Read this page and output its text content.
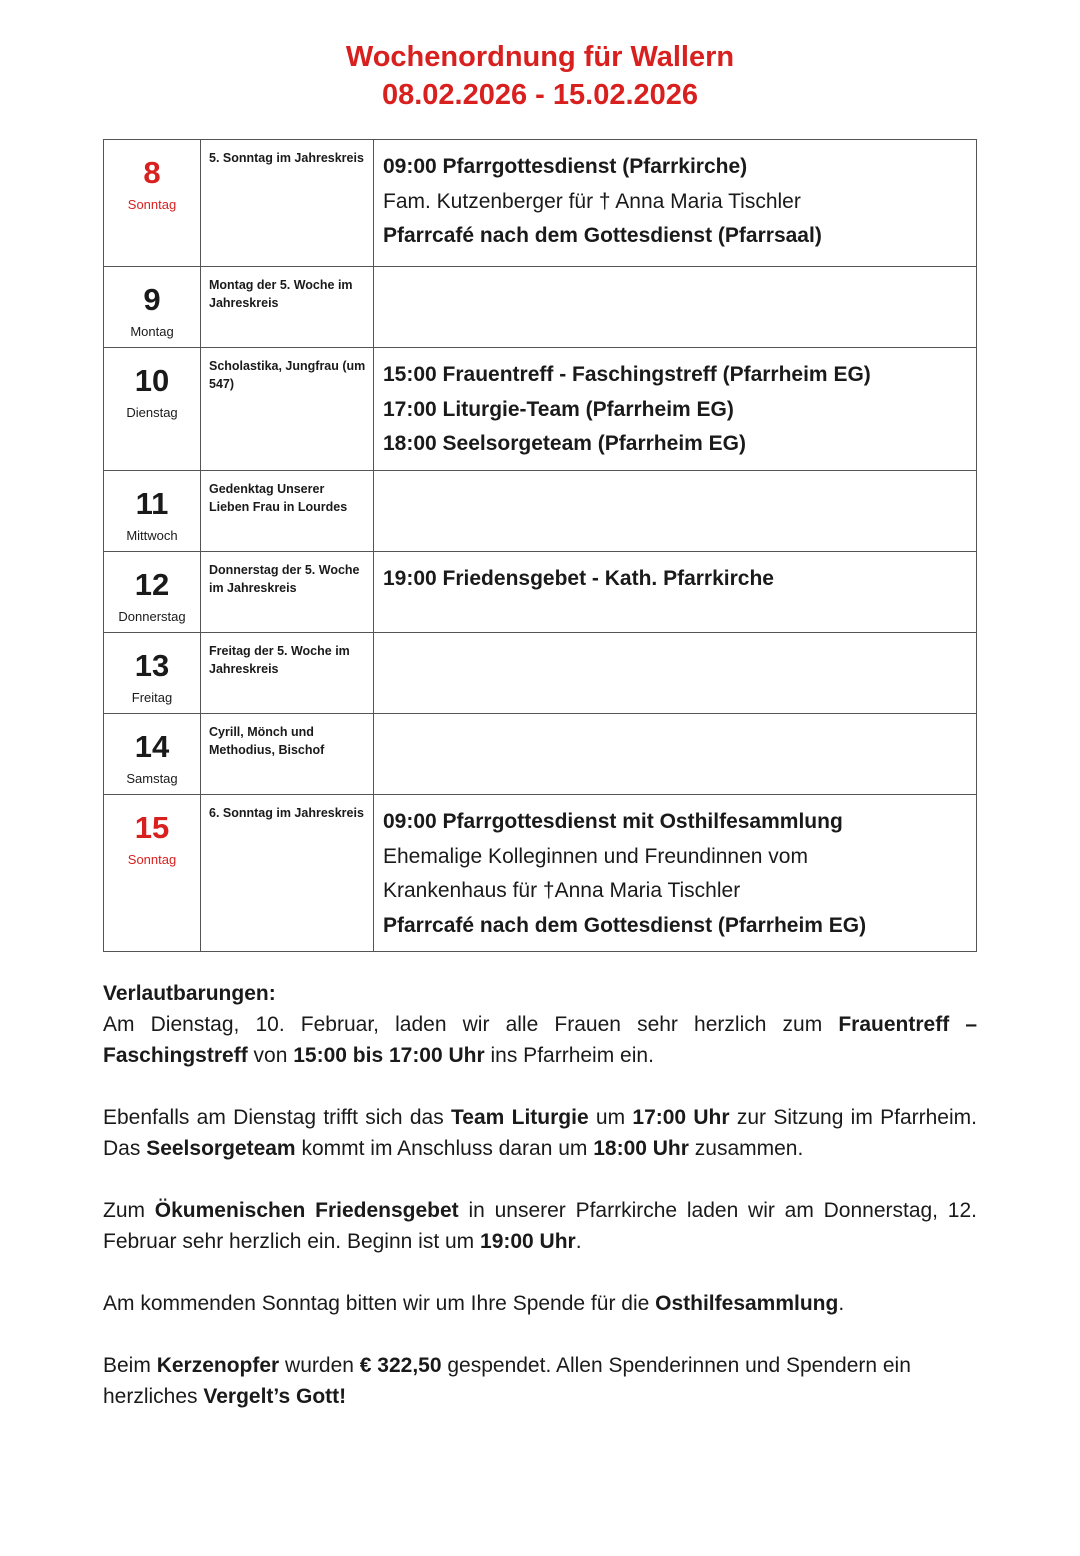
Wochenordnung für Wallern
08.02.2026 - 15.02.2026
8
Sonntag	5. Sonntag im Jahreskreis	09:00 Pfarrgottesdienst (Pfarrkirche)
Fam. Kutzenberger für † Anna Maria Tischler
Pfarrcafé nach dem Gottesdienst (Pfarrsaal)

9
Montag	Montag der 5. Woche im Jahreskreis	

10
Dienstag	Scholastika, Jungfrau (um 547)	15:00 Frauentreff - Faschingstreff (Pfarrheim EG)
17:00 Liturgie-Team (Pfarrheim EG)
18:00 Seelsorgeteam (Pfarrheim EG)

11
Mittwoch	Gedenktag Unserer Lieben Frau in Lourdes	

12
Donnerstag	Donnerstag der 5. Woche im Jahreskreis	19:00 Friedensgebet - Kath. Pfarrkirche

13
Freitag	Freitag der 5. Woche im Jahreskreis	

14
Samstag	Cyrill, Mönch und Methodius, Bischof	

15
Sonntag	6. Sonntag im Jahreskreis	09:00 Pfarrgottesdienst mit Osthilfesammlung
Ehemalige Kolleginnen und Freundinnen vom
Krankenhaus für †Anna Maria Tischler
Pfarrcafé nach dem Gottesdienst (Pfarrheim EG)
Verlautbarungen:

Am Dienstag, 10. Februar, laden wir alle Frauen sehr herzlich zum Frauentreff – Faschingstreff von 15:00 bis 17:00 Uhr ins Pfarrheim ein.

Ebenfalls am Dienstag trifft sich das Team Liturgie um 17:00 Uhr zur Sitzung im Pfarrheim. Das Seelsorgeteam kommt im Anschluss daran um 18:00 Uhr zusammen.

Zum Ökumenischen Friedensgebet in unserer Pfarrkirche laden wir am Donnerstag, 12. Februar sehr herzlich ein. Beginn ist um 19:00 Uhr.

Am kommenden Sonntag bitten wir um Ihre Spende für die Osthilfesammlung.

Beim Kerzenopfer wurden € 322,50 gespendet. Allen Spenderinnen und Spendern ein herzliches Vergelt’s Gott!
